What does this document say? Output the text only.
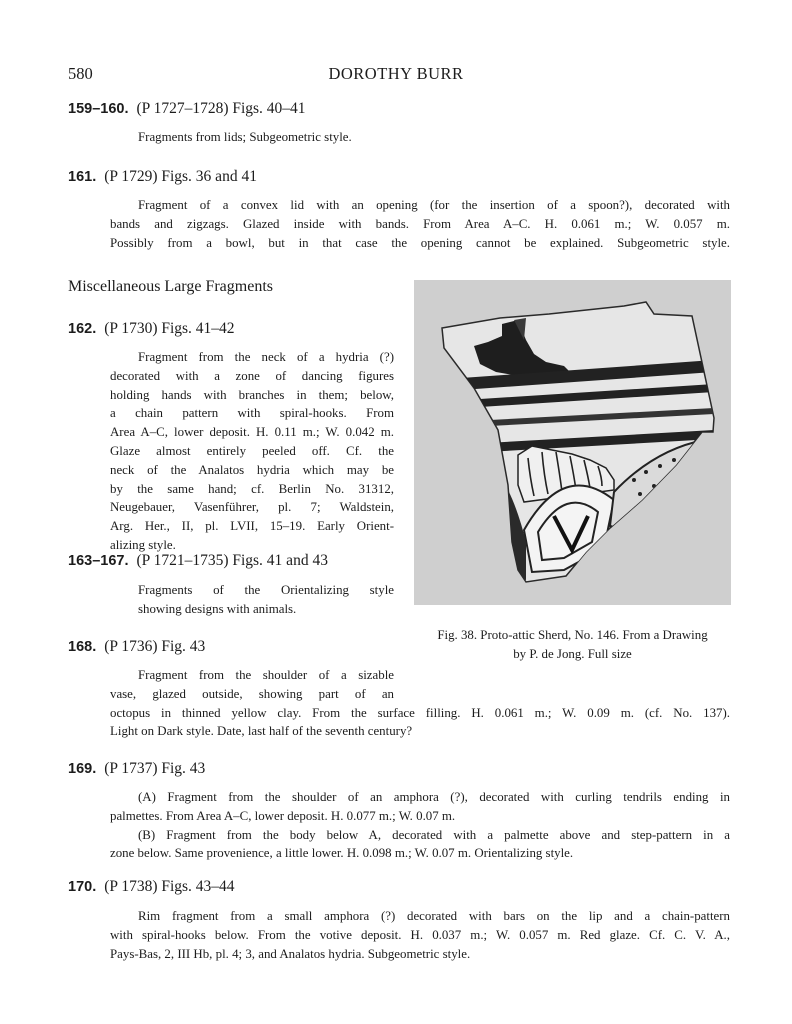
580	DOROTHY BURR
159–160. (P 1727–1728) Figs. 40–41
Fragments from lids; Subgeometric style.
161. (P 1729) Figs. 36 and 41
Fragment of a convex lid with an opening (for the insertion of a spoon?), decorated with
bands and zigzags. Glazed inside with bands. From Area A–C. H. 0.061 m.; W. 0.057 m.
Possibly from a bowl, but in that case the opening cannot be explained. Subgeometric style.
Miscellaneous Large Fragments
162. (P 1730) Figs. 41–42
Fragment from the neck of a hydria (?)
decorated with a zone of dancing figures
holding hands with branches in them; below,
a chain pattern with spiral-hooks. From
Area A–C, lower deposit. H. 0.11 m.; W. 0.042 m.
Glaze almost entirely peeled off. Cf. the
neck of the Analatos hydria which may be
by the same hand; cf. Berlin No. 31312,
Neugebauer, Vasenführer, pl. 7; Waldstein,
Arg. Her., II, pl. LVII, 15–19. Early Orient-
alizing style.
163–167. (P 1721–1735) Figs. 41 and 43
Fragments of the Orientalizing style
showing designs with animals.
168. (P 1736) Fig. 43
Fragment from the shoulder of a sizable
vase, glazed outside, showing part of an
octopus in thinned yellow clay. From the surface filling. H. 0.061 m.; W. 0.09 m. (cf. No. 137).
Light on Dark style. Date, last half of the seventh century?
169. (P 1737) Fig. 43
(A) Fragment from the shoulder of an amphora (?), decorated with curling tendrils ending in
palmettes. From Area A–C, lower deposit. H. 0.077 m.; W. 0.07 m.
(B) Fragment from the body below A, decorated with a palmette above and step-pattern in a
zone below. Same provenience, a little lower. H. 0.098 m.; W. 0.07 m. Orientalizing style.
170. (P 1738) Figs. 43–44
Rim fragment from a small amphora (?) decorated with bars on the lip and a chain-pattern
with spiral-hooks below. From the votive deposit. H. 0.037 m.; W. 0.057 m. Red glaze. Cf. C. V. A.,
Pays-Bas, 2, III Hb, pl. 4; 3, and Analatos hydria. Subgeometric style.
Fig. 38. Proto-attic Sherd, No. 146. From a Drawing
by P. de Jong. Full size
